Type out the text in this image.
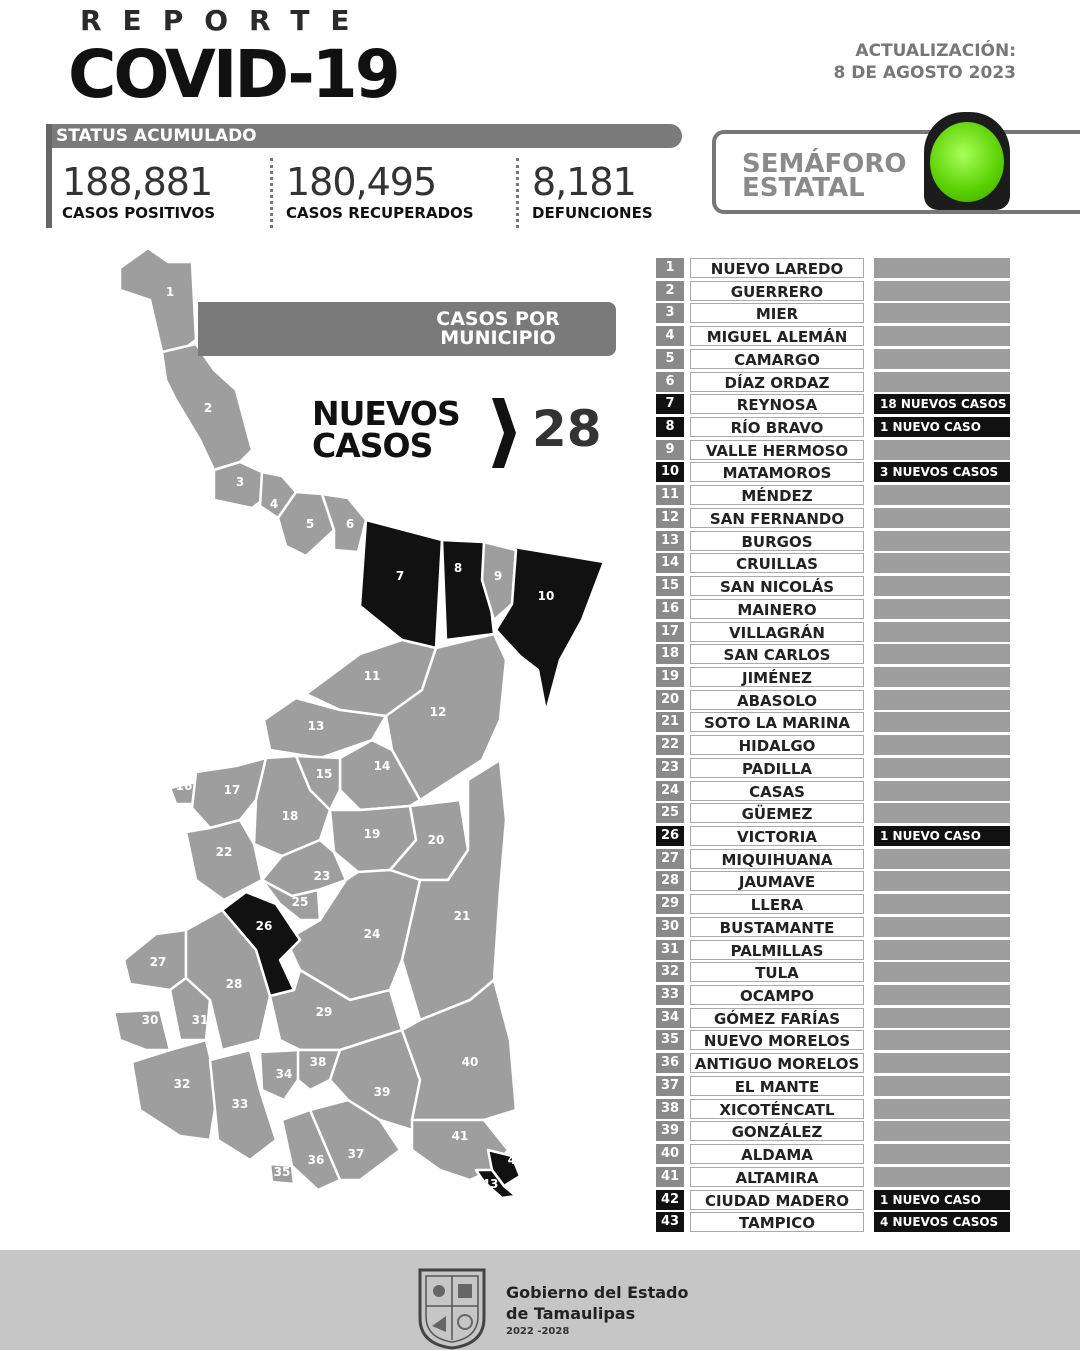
REPORTE
COVID-19	ACTUALIZACIÓN:
8 DE AGOSTO 2023
STATUS ACUMULADO
188,881
CASOS POSITIVOS
180,495
CASOS RECUPERADOS
8,181
DEFUNCIONES
SEMÁFORO
ESTATAL
1
2
3
4
5	6
7
8
9
10
11
12
13
14
15
16	17
18
19	20
21
22
23
24
25
26
27
28
29
30	31
32
33
34
35
36 37
38
39
40
41
42
43
CASOS POR
MUNICIPIO
NUEVOS
CASOS	28
1	NUEVO LAREDO
2	GUERRERO
3	MIER
4	MIGUEL ALEMÁN
5	CAMARGO
6	DÍAZ ORDAZ
7	REYNOSA	18 NUEVOS CASOS
8	RÍO BRAVO	1 NUEVO CASO
9	VALLE HERMOSO
10	MATAMOROS	3 NUEVOS CASOS
11	MÉNDEZ
12	SAN FERNANDO
13	BURGOS
14	CRUILLAS
15	SAN NICOLÁS
16	MAINERO
17	VILLAGRÁN
18	SAN CARLOS
19	JIMÉNEZ
20	ABASOLO
21	SOTO LA MARINA
22	HIDALGO
23	PADILLA
24	CASAS
25	GÜEMEZ
26	VICTORIA	1 NUEVO CASO
27	MIQUIHUANA
28	JAUMAVE
29	LLERA
30	BUSTAMANTE
31	PALMILLAS
32	TULA
33	OCAMPO
34	GÓMEZ FARÍAS
35	NUEVO MORELOS
36	ANTIGUO MORELOS
37	EL MANTE
38	XICOTÉNCATL
39	GONZÁLEZ
40	ALDAMA
41	ALTAMIRA
42	CIUDAD MADERO	1 NUEVO CASO
43	TAMPICO	4 NUEVOS CASOS
Gobierno del Estado
de Tamaulipas
2022 -2028
